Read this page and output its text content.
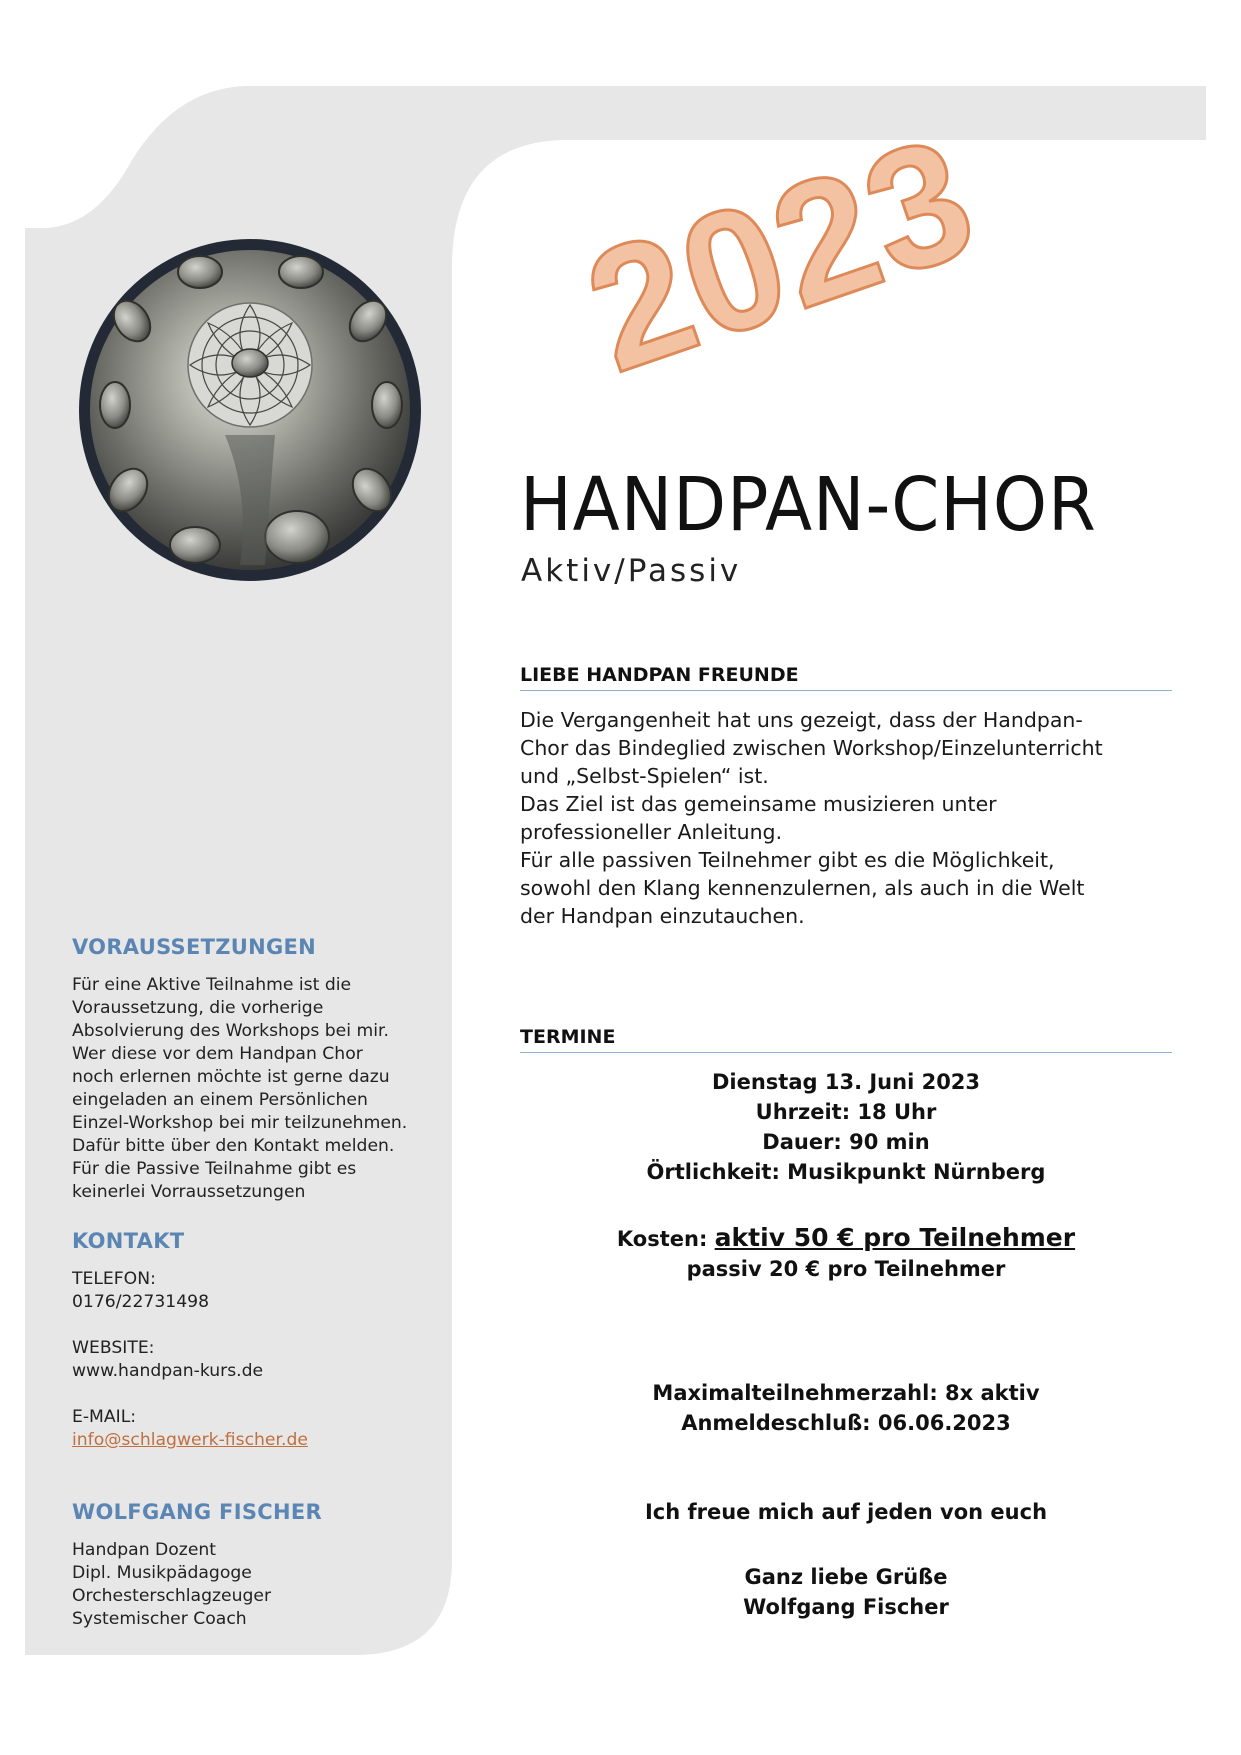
2023
HANDPAN-CHOR
Aktiv/Passiv
LIEBE HANDPAN FREUNDE
Die Vergangenheit hat uns gezeigt, dass der Handpan-
Chor das Bindeglied zwischen Workshop/Einzelunterricht
und „Selbst-Spielen“ ist.
Das Ziel ist das gemeinsame musizieren unter
professioneller Anleitung.
Für alle passiven Teilnehmer gibt es die Möglichkeit,
sowohl den Klang kennenzulernen, als auch in die Welt
der Handpan einzutauchen.
TERMINE
Dienstag 13. Juni 2023
Uhrzeit: 18 Uhr
Dauer: 90 min
Örtlichkeit: Musikpunkt Nürnberg
Kosten: aktiv 50 € pro Teilnehmer
passiv 20 € pro Teilnehmer
Maximalteilnehmerzahl: 8x aktiv
Anmeldeschluß: 06.06.2023
Ich freue mich auf jeden von euch
Ganz liebe Grüße
Wolfgang Fischer
VORAUSSETZUNGEN
Für eine Aktive Teilnahme ist die
Voraussetzung, die vorherige
Absolvierung des Workshops bei mir.
Wer diese vor dem Handpan Chor
noch erlernen möchte ist gerne dazu
eingeladen an einem Persönlichen
Einzel-Workshop bei mir teilzunehmen.
Dafür bitte über den Kontakt melden.
Für die Passive Teilnahme gibt es
keinerlei Vorraussetzungen
KONTAKT
TELEFON:
0176/22731498
WEBSITE:
www.handpan-kurs.de
E-MAIL:
info@schlagwerk-fischer.de
WOLFGANG FISCHER
Handpan Dozent
Dipl. Musikpädagoge
Orchesterschlagzeuger
Systemischer Coach
